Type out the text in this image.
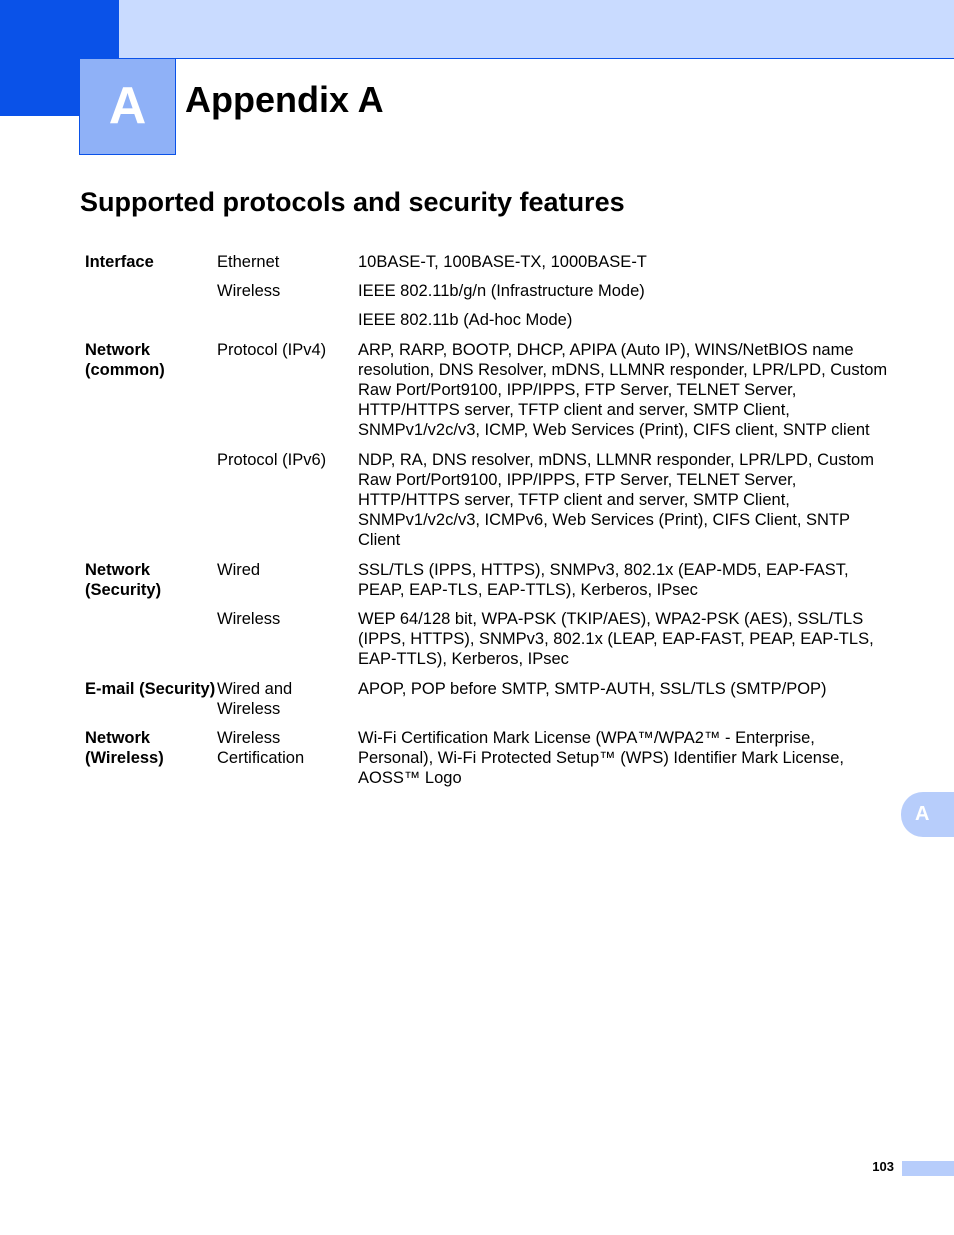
A Appendix A
Supported protocols and security features
Interface	Ethernet	10BASE-T, 100BASE-TX, 1000BASE-T

	Wireless	IEEE 802.11b/g/n (Infrastructure Mode)

		IEEE 802.11b (Ad-hoc Mode)

Network (common)	Protocol (IPv4)	ARP, RARP, BOOTP, DHCP, APIPA (Auto IP), WINS/NetBIOS name resolution, DNS Resolver, mDNS, LLMNR responder, LPR/LPD, Custom Raw Port/Port9100, IPP/IPPS, FTP Server, TELNET Server, HTTP/HTTPS server, TFTP client and server, SMTP Client, SNMPv1/v2c/v3, ICMP, Web Services (Print), CIFS client, SNTP client

	Protocol (IPv6)	NDP, RA, DNS resolver, mDNS, LLMNR responder, LPR/LPD, Custom Raw Port/Port9100, IPP/IPPS, FTP Server, TELNET Server, HTTP/HTTPS server, TFTP client and server, SMTP Client, SNMPv1/v2c/v3, ICMPv6, Web Services (Print), CIFS Client, SNTP Client

Network (Security)	Wired	SSL/TLS (IPPS, HTTPS), SNMPv3, 802.1x (EAP-MD5, EAP-FAST, PEAP, EAP-TLS, EAP-TTLS), Kerberos, IPsec

	Wireless	WEP 64/128 bit, WPA-PSK (TKIP/AES), WPA2-PSK (AES), SSL/TLS (IPPS, HTTPS), SNMPv3, 802.1x (LEAP, EAP-FAST, PEAP, EAP-TLS, EAP-TTLS), Kerberos, IPsec

E-mail (Security)	Wired and Wireless	APOP, POP before SMTP, SMTP-AUTH, SSL/TLS (SMTP/POP)

Network (Wireless)	Wireless Certification	Wi-Fi Certification Mark License (WPA™/WPA2™ - Enterprise, Personal), Wi-Fi Protected Setup™ (WPS) Identifier Mark License, AOSS™ Logo
A
103
